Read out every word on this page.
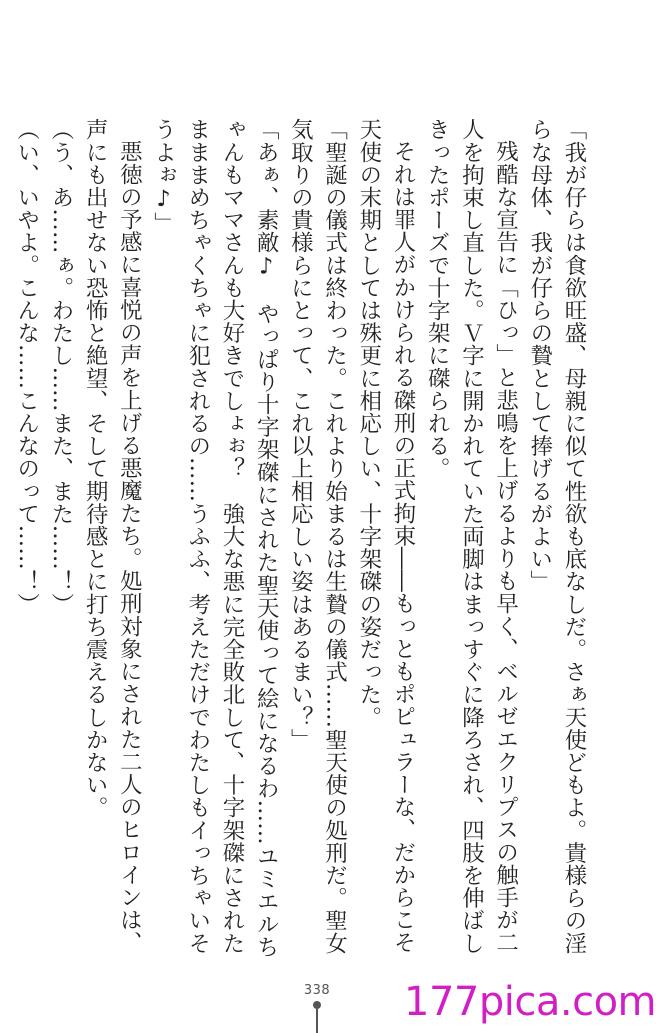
「我が仔らは食欲旺盛、母親に似て性欲も底なしだ。さぁ天使どもよ。貴様らの淫らな母体、我が仔らの贄として捧げるがよい」

残酷な宣告に「ひっ」と悲鳴を上げるよりも早く、ベルゼエクリプスの触手が二人を拘束し直した。Ｖ字に開かれていた両脚はまっすぐに降ろされ、四肢を伸ばしきったポーズで十字架に磔られる。

それは罪人がかけられる磔刑の正式拘束――もっともポピュラーな、だからこそ天使の末期としては殊更に相応しい、十字架磔の姿だった。

「聖誕の儀式は終わった。これより始まるは生贄の儀式……聖天使の処刑だ。聖女気取りの貴様らにとって、これ以上相応しい姿はあるまい？」

「あぁ、素敵♪　やっぱり十字架磔にされた聖天使って絵になるわ……ユミエルちゃんもママさんも大好きでしょぉ？　強大な悪に完全敗北して、十字架磔にされたまままめちゃくちゃに犯されるの……うふふ、考えただけでわたしもイっちゃいそうよぉ♪」

悪徳の予感に喜悦の声を上げる悪魔たち。処刑対象にされた二人のヒロインは、声にも出せない恐怖と絶望、そして期待感とに打ち震えるしかない。

（う、あ……ぁ。わたし……また、また……！）

（い、いやよ。こんな……こんなのって……！）

338 177pica.com
